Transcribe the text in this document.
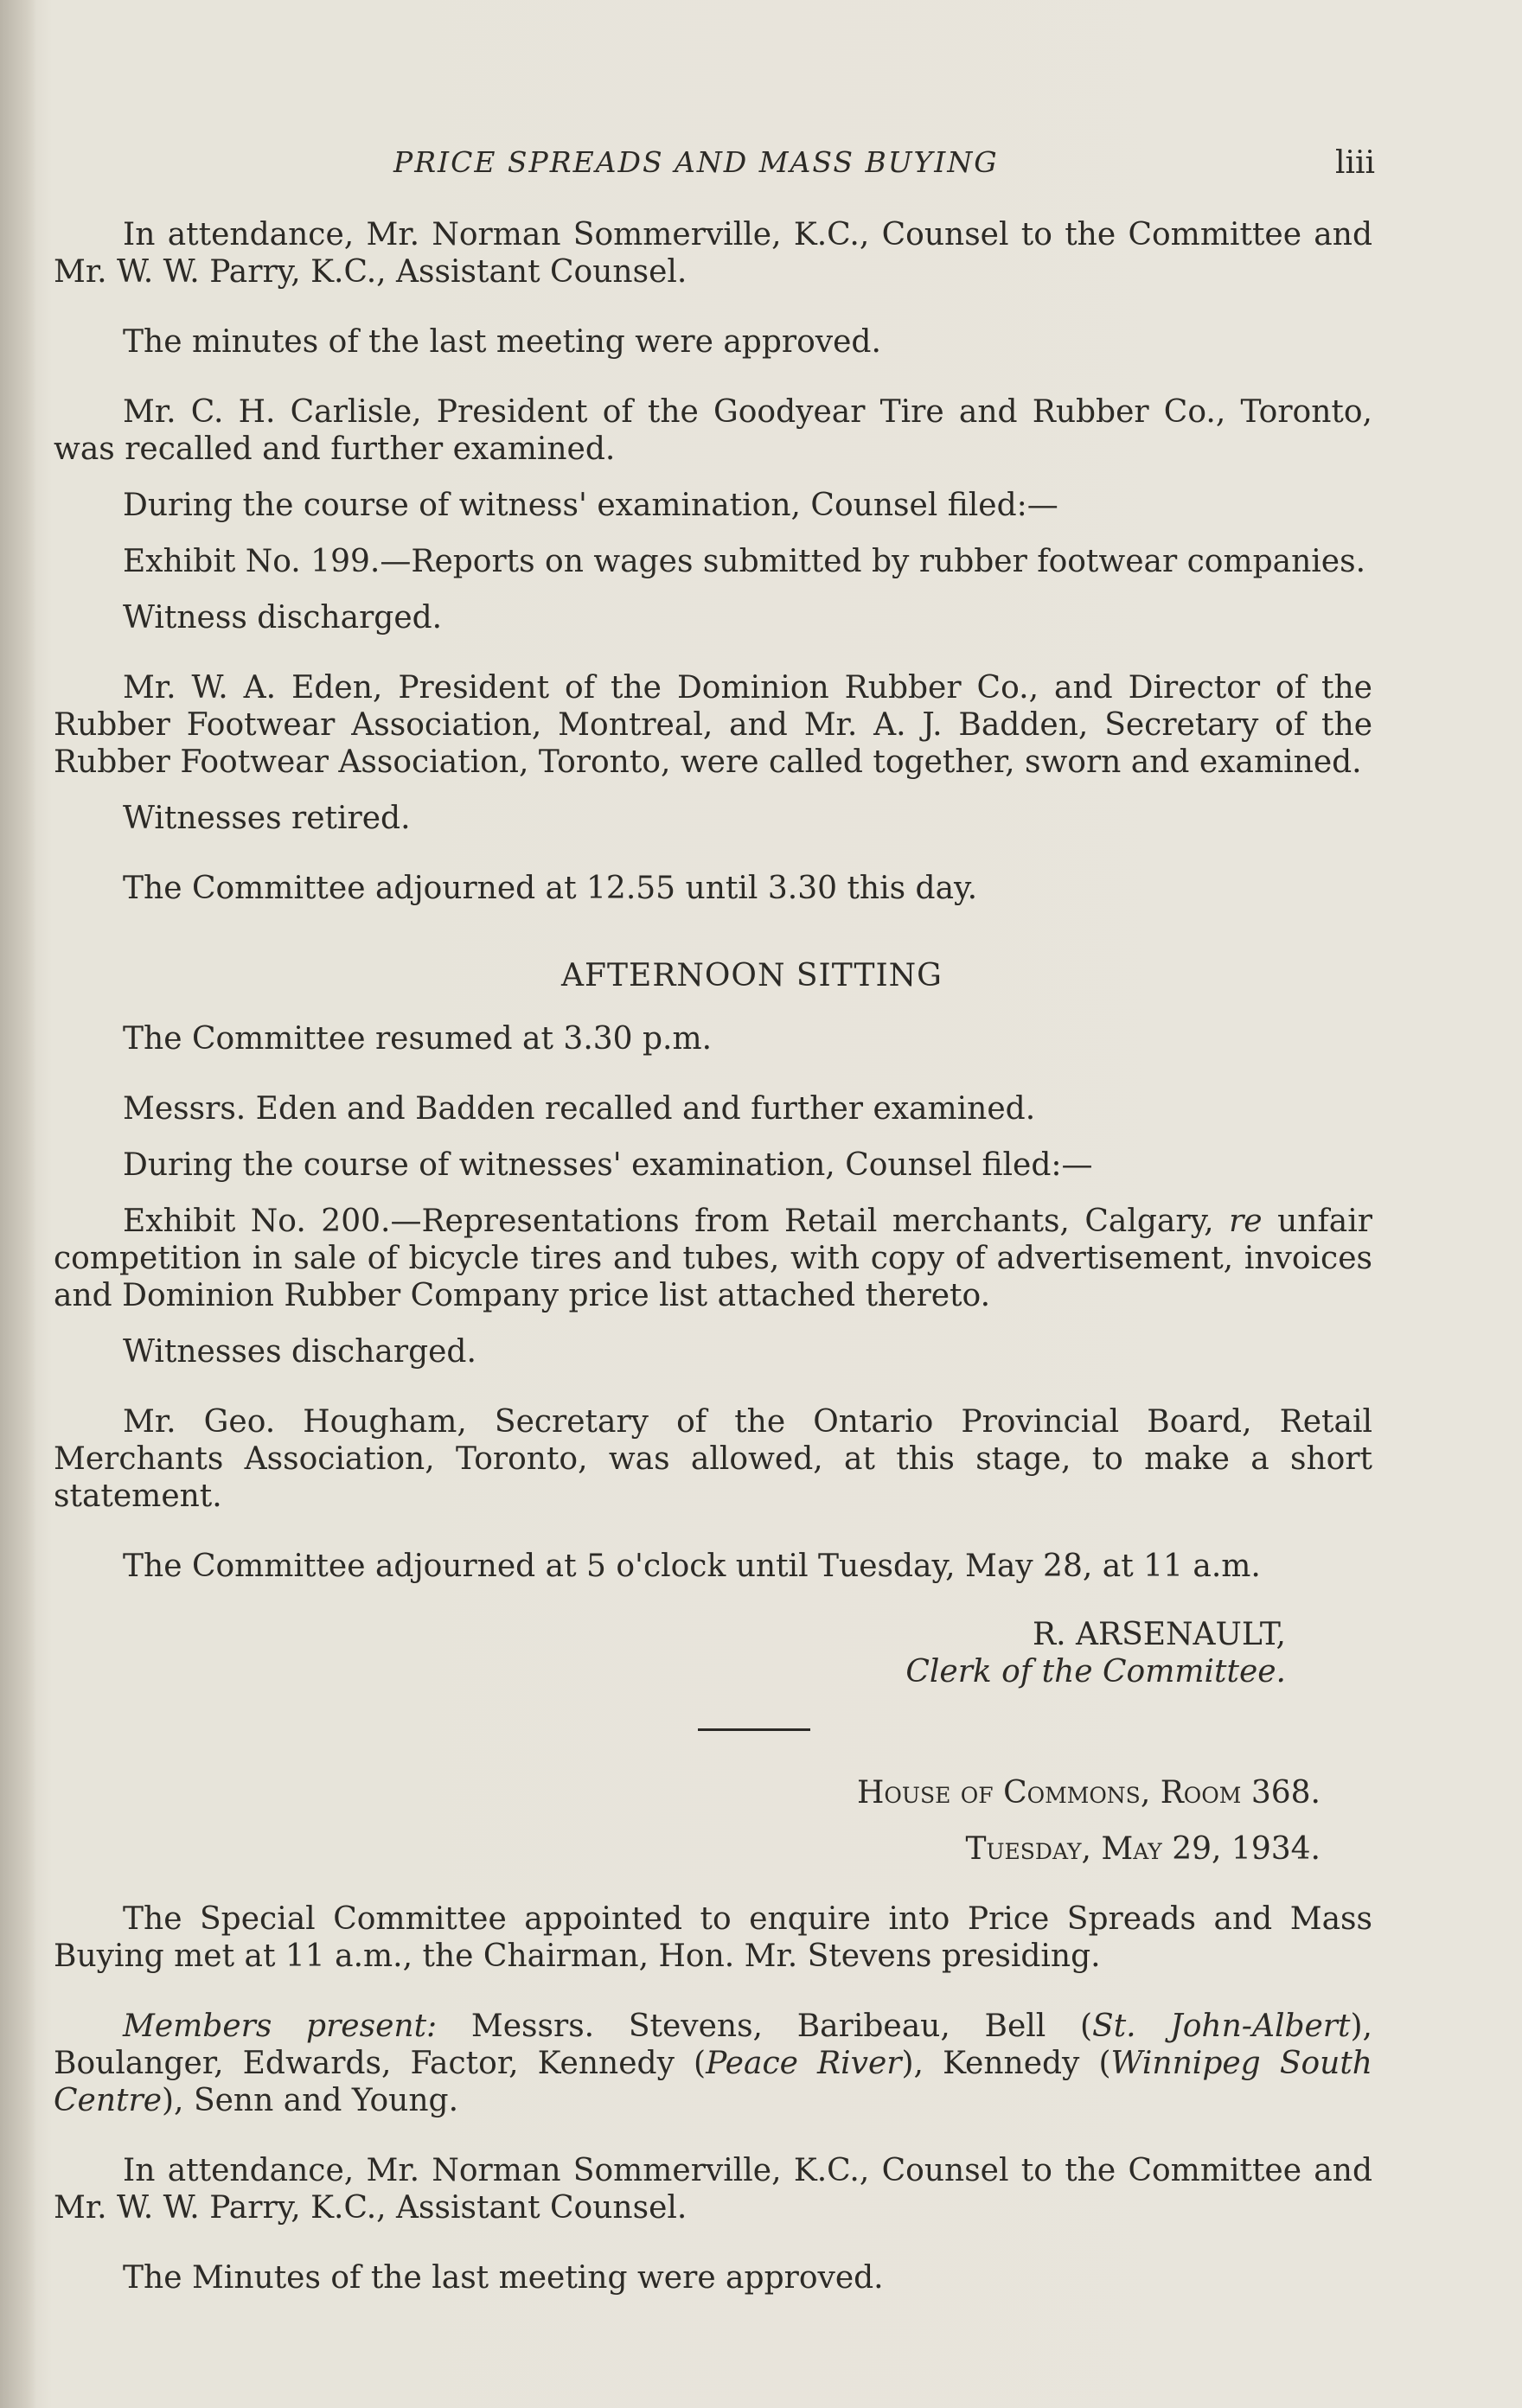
PRICE SPREADS AND MASS BUYING	liii

In attendance, Mr. Norman Sommerville, K.C., Counsel to the Committee and Mr. W. W. Parry, K.C., Assistant Counsel.

The minutes of the last meeting were approved.

Mr. C. H. Carlisle, President of the Goodyear Tire and Rubber Co., Toronto, was recalled and further examined.

During the course of witness' examination, Counsel filed:—

Exhibit No. 199.—Reports on wages submitted by rubber footwear companies.

Witness discharged.

Mr. W. A. Eden, President of the Dominion Rubber Co., and Director of the Rubber Footwear Association, Montreal, and Mr. A. J. Badden, Secretary of the Rubber Footwear Association, Toronto, were called together, sworn and examined.

Witnesses retired.

The Committee adjourned at 12.55 until 3.30 this day.

AFTERNOON SITTING

The Committee resumed at 3.30 p.m.

Messrs. Eden and Badden recalled and further examined.

During the course of witnesses' examination, Counsel filed:—

Exhibit No. 200.—Representations from Retail merchants, Calgary, re unfair competition in sale of bicycle tires and tubes, with copy of advertisement, invoices and Dominion Rubber Company price list attached thereto.

Witnesses discharged.

Mr. Geo. Hougham, Secretary of the Ontario Provincial Board, Retail Merchants Association, Toronto, was allowed, at this stage, to make a short statement.

The Committee adjourned at 5 o'clock until Tuesday, May 28, at 11 a.m.

R. ARSENAULT,

Clerk of the Committee.

House of Commons, Room 368.

Tuesday, May 29, 1934.

The Special Committee appointed to enquire into Price Spreads and Mass Buying met at 11 a.m., the Chairman, Hon. Mr. Stevens presiding.

Members present: Messrs. Stevens, Baribeau, Bell (St. John-Albert), Boulanger, Edwards, Factor, Kennedy (Peace River), Kennedy (Winnipeg South Centre), Senn and Young.

In attendance, Mr. Norman Sommerville, K.C., Counsel to the Committee and Mr. W. W. Parry, K.C., Assistant Counsel.

The Minutes of the last meeting were approved.
